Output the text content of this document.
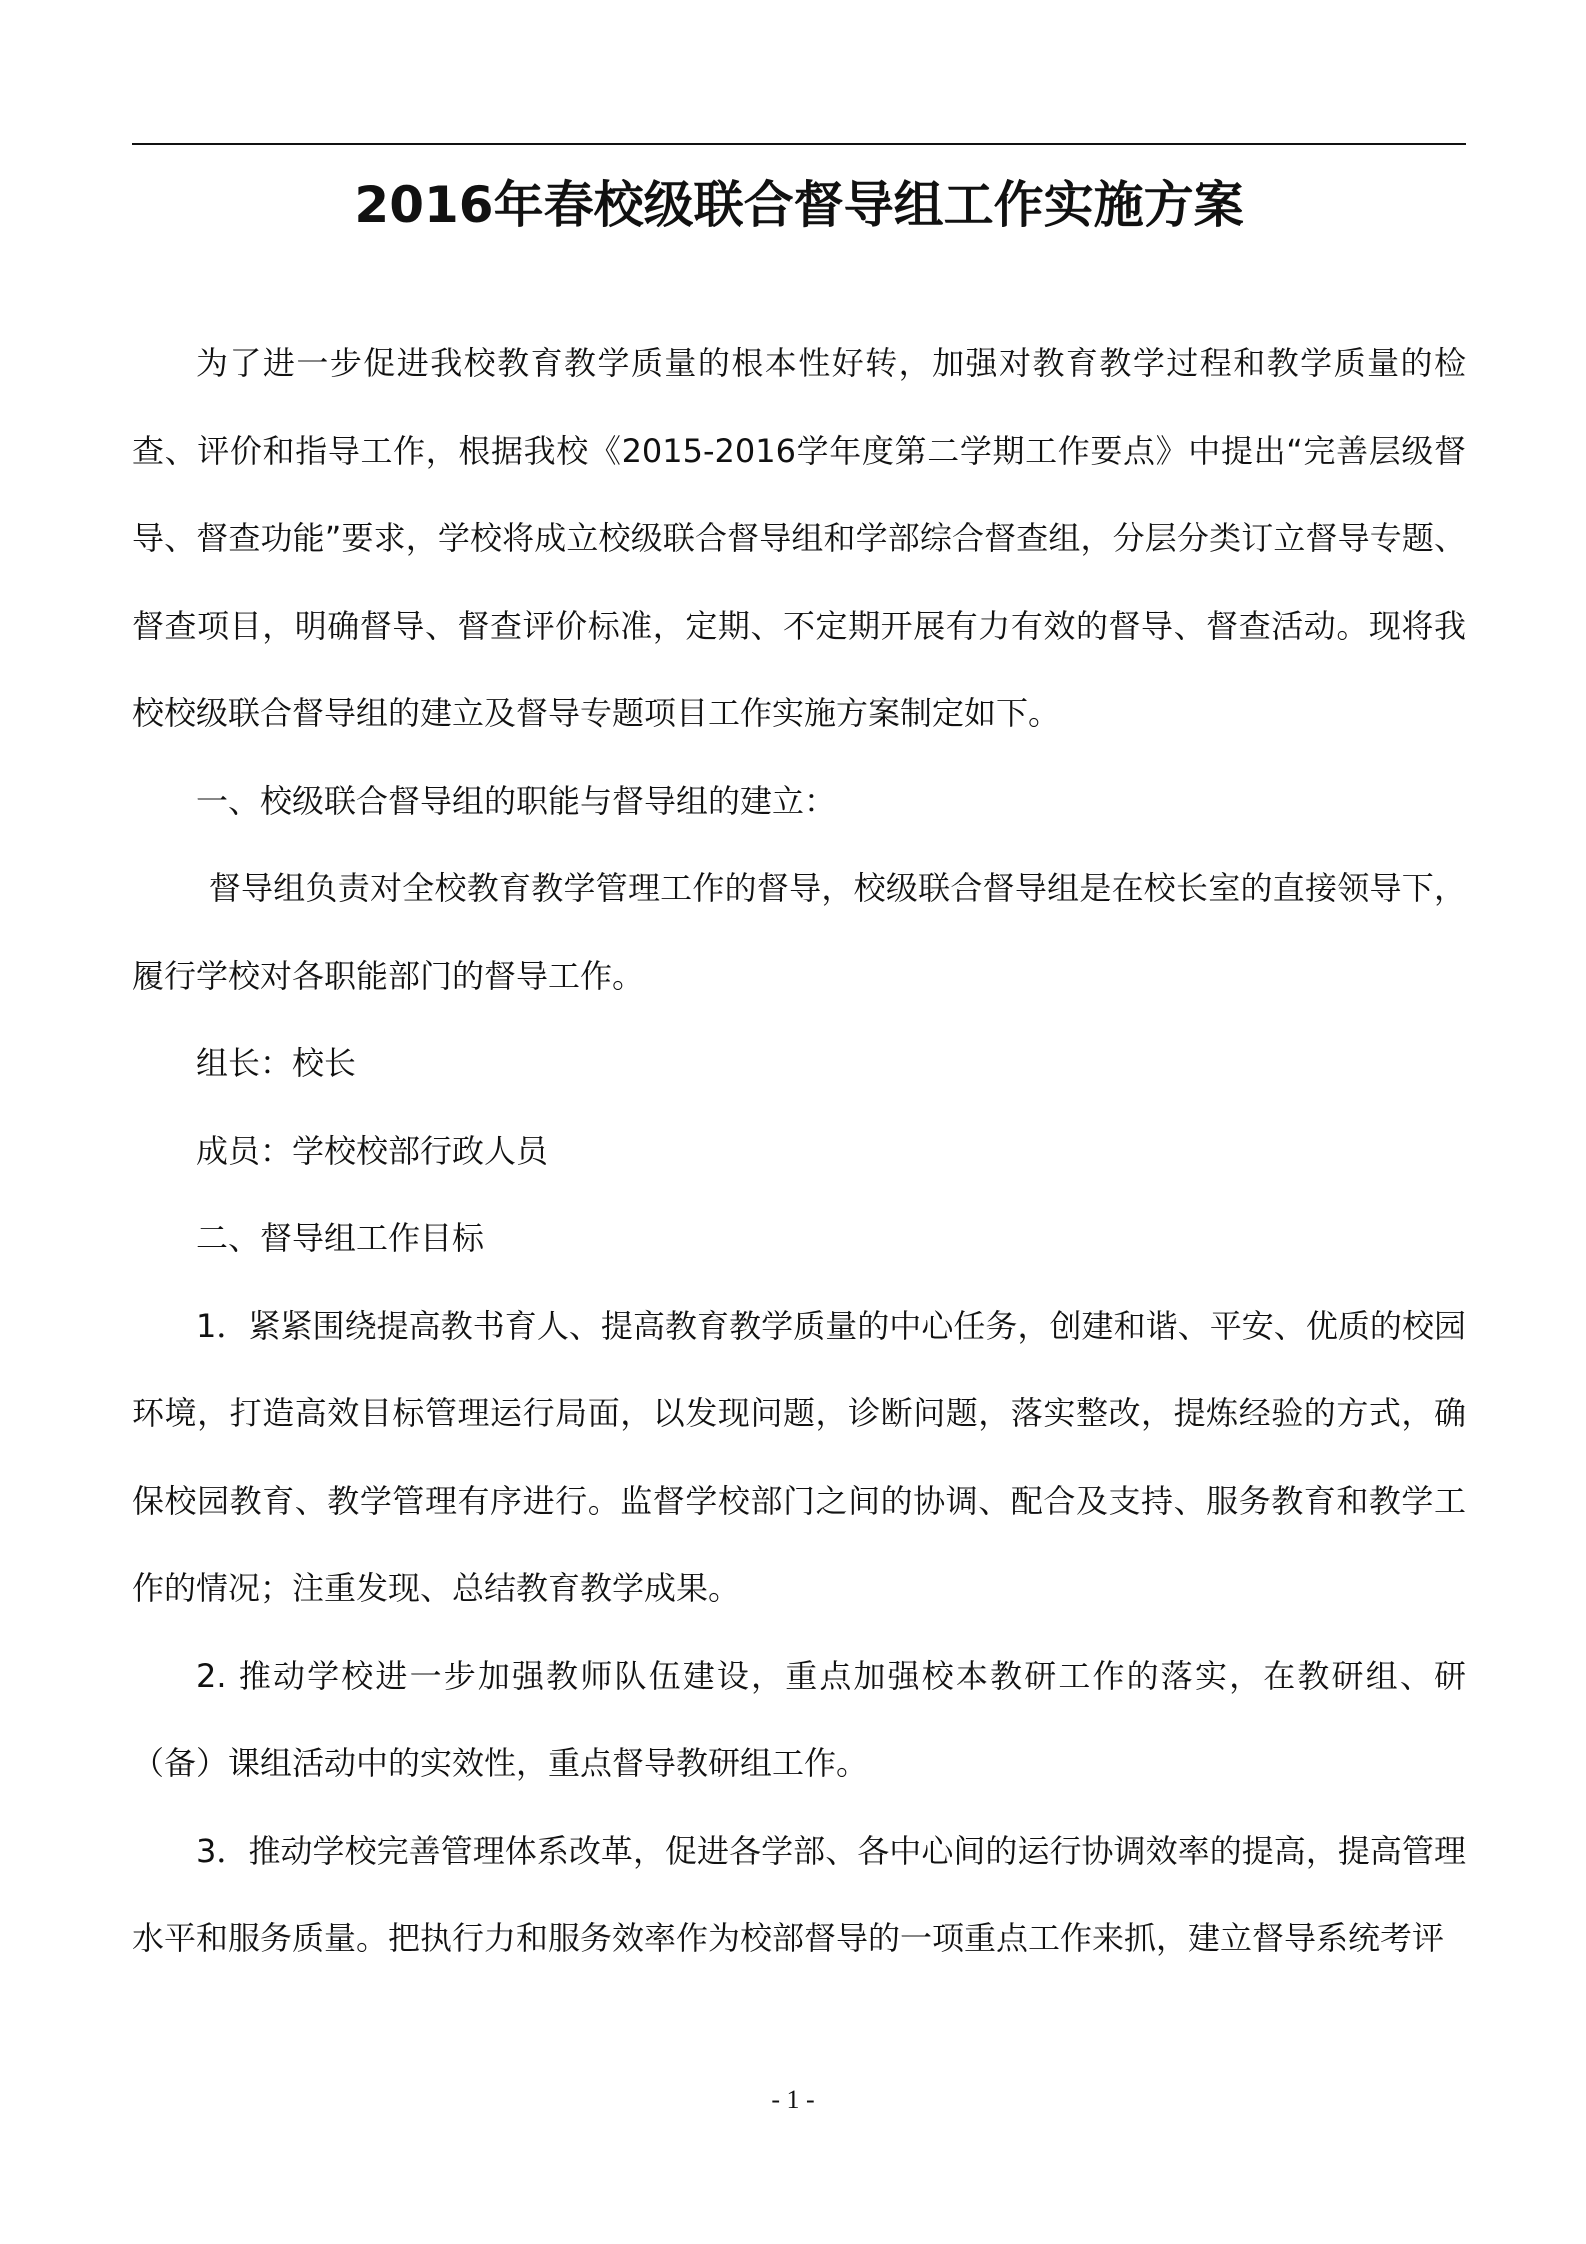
2016年春校级联合督导组工作实施方案

为了进一步促进我校教育教学质量的根本性好转，加强对教育教学过程和教学质量的检查、评价和指导工作，根据我校《2015-2016学年度第二学期工作要点》中提出“完善层级督导、督查功能”要求，学校将成立校级联合督导组和学部综合督查组，分层分类订立督导专题、督查项目，明确督导、督查评价标准，定期、不定期开展有力有效的督导、督查活动。现将我校校级联合督导组的建立及督导专题项目工作实施方案制定如下。

一、校级联合督导组的职能与督导组的建立：

督导组负责对全校教育教学管理工作的督导，校级联合督导组是在校长室的直接领导下，履行学校对各职能部门的督导工作。

组长：校长

成员：学校校部行政人员

二、督导组工作目标

1．紧紧围绕提高教书育人、提高教育教学质量的中心任务，创建和谐、平安、优质的校园环境，打造高效目标管理运行局面，以发现问题，诊断问题，落实整改，提炼经验的方式，确保校园教育、教学管理有序进行。监督学校部门之间的协调、配合及支持、服务教育和教学工作的情况；注重发现、总结教育教学成果。

2. 推动学校进一步加强教师队伍建设，重点加强校本教研工作的落实，在教研组、研（备）课组活动中的实效性，重点督导教研组工作。

3．推动学校完善管理体系改革，促进各学部、各中心间的运行协调效率的提高，提高管理水平和服务质量。把执行力和服务效率作为校部督导的一项重点工作来抓，建立督导系统考评

- 1 -
